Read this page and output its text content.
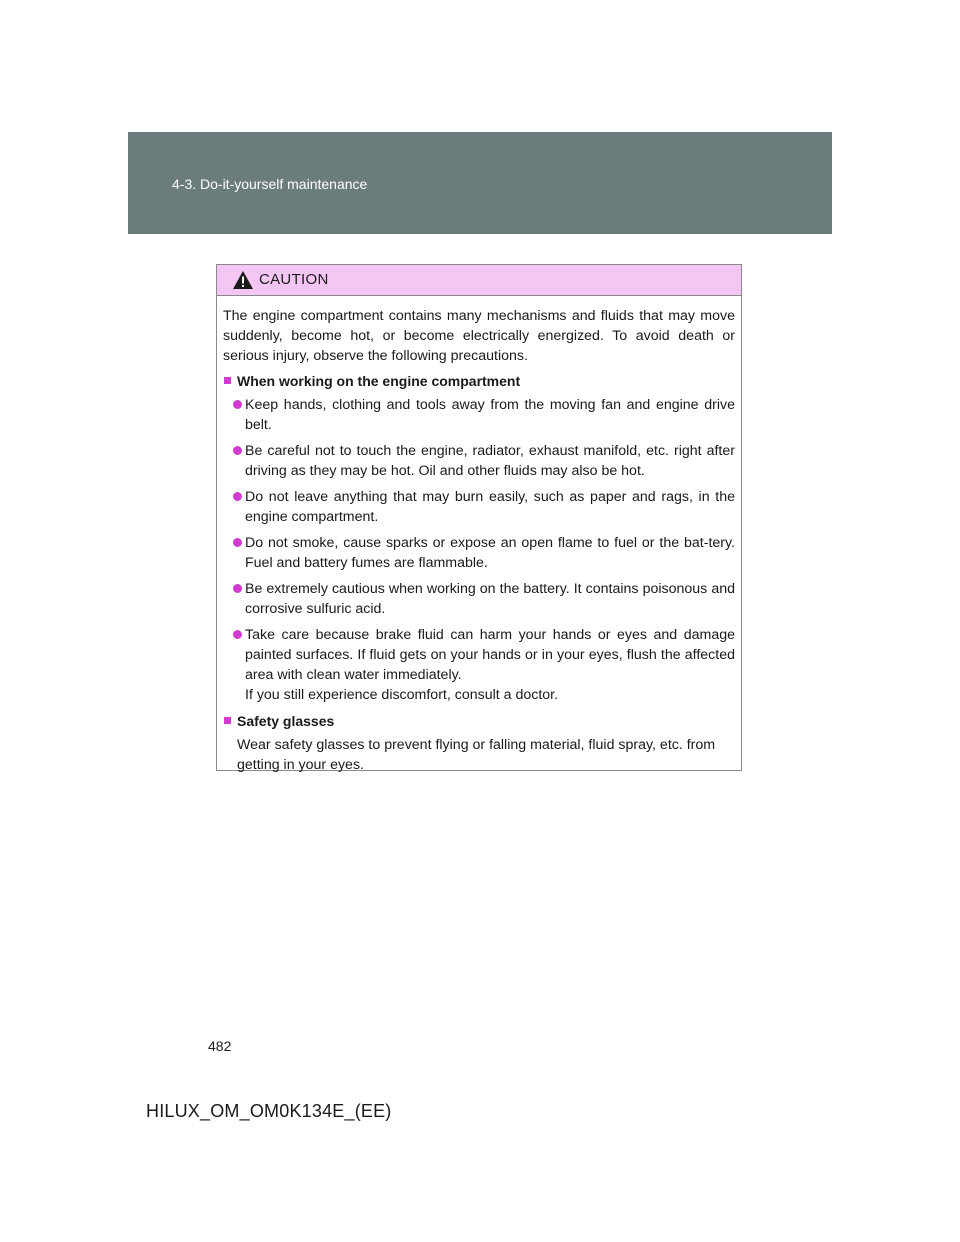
4-3. Do-it-yourself maintenance
CAUTION

The engine compartment contains many mechanisms and fluids that may move suddenly, become hot, or become electrically energized. To avoid death or serious injury, observe the following precautions.

When working on the engine compartment
Keep hands, clothing and tools away from the moving fan and engine drive belt.
Be careful not to touch the engine, radiator, exhaust manifold, etc. right after driving as they may be hot. Oil and other fluids may also be hot.
Do not leave anything that may burn easily, such as paper and rags, in the engine compartment.
Do not smoke, cause sparks or expose an open flame to fuel or the bat-tery. Fuel and battery fumes are flammable.
Be extremely cautious when working on the battery. It contains poisonous and corrosive sulfuric acid.
Take care because brake fluid can harm your hands or eyes and damage painted surfaces. If fluid gets on your hands or in your eyes, flush the affected area with clean water immediately.
If you still experience discomfort, consult a doctor.
Safety glasses

Wear safety glasses to prevent flying or falling material, fluid spray, etc. from getting in your eyes.

482
HILUX_OM_OM0K134E_(EE)
